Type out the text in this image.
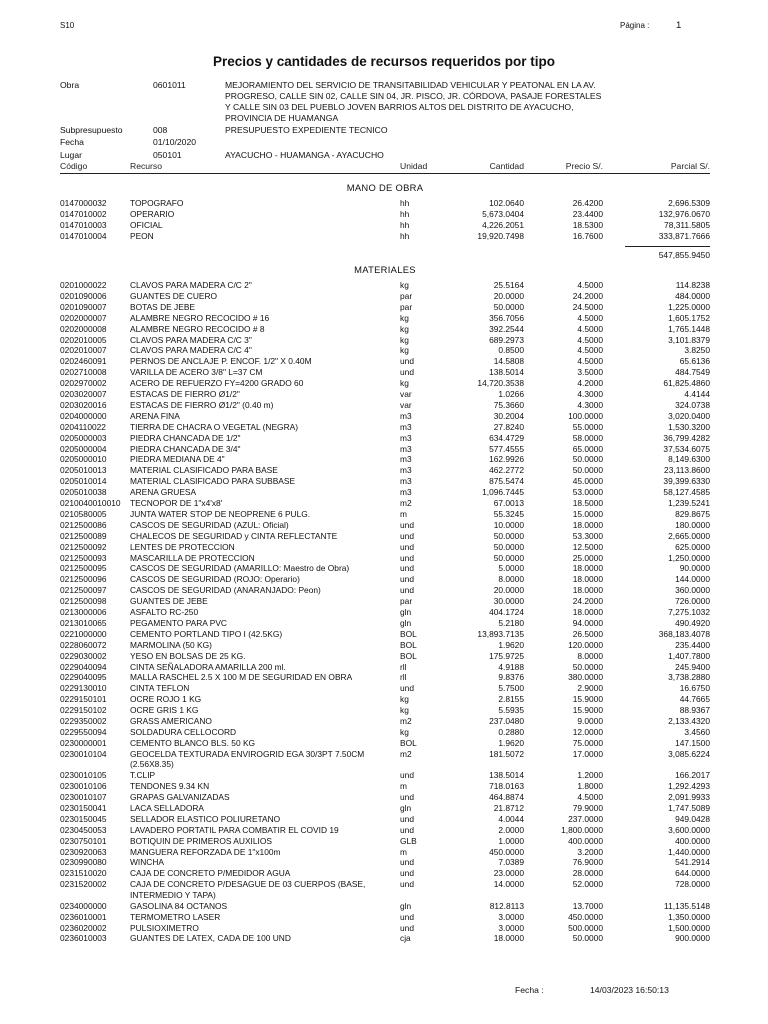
S10	Página :	1
Precios y cantidades de recursos requeridos por tipo
Obra	0601011	MEJORAMIENTO DEL SERVICIO DE TRANSITABILIDAD VEHICULAR Y PEATONAL EN LA AV. PROGRESO, CALLE SIN 02, CALLE SIN 04, JR. PISCO, JR. CÓRDOVA, PASAJE FORESTALES Y CALLE SIN 03 DEL PUEBLO JOVEN BARRIOS ALTOS DEL DISTRITO DE AYACUCHO, PROVINCIA DE HUAMANGA
Subpresupuesto	008	PRESUPUESTO EXPEDIENTE TECNICO
Fecha	01/10/2020
Lugar	050101	AYACUCHO - HUAMANGA - AYACUCHO
Código	Recurso	Unidad	Cantidad	Precio S/.	Parcial S/.
MANO DE OBRA
0147000032	TOPOGRAFO	hh	102.0640	26.4200	2,696.5309
0147010002	OPERARIO	hh	5,673.0404	23.4400	132,976.0670
0147010003	OFICIAL	hh	4,226.2051	18.5300	78,311.5805
0147010004	PEON	hh	19,920.7498	16.7600	333,871.7666
547,855.9450
MATERIALES
0201000022	CLAVOS PARA MADERA C/C 2"	kg	25.5164	4.5000	114.8238
0201090006	GUANTES DE CUERO	par	20.0000	24.2000	484.0000
0201090007	BOTAS DE JEBE	par	50.0000	24.5000	1,225.0000
0202000007	ALAMBRE NEGRO RECOCIDO # 16	kg	356.7056	4.5000	1,605.1752
0202000008	ALAMBRE NEGRO RECOCIDO # 8	kg	392.2544	4.5000	1,765.1448
0202010005	CLAVOS PARA MADERA C/C 3"	kg	689.2973	4.5000	3,101.8379
0202010007	CLAVOS PARA MADERA C/C 4"	kg	0.8500	4.5000	3.8250
0202460091	PERNOS DE ANCLAJE P. ENCOF. 1/2" X 0.40M	und	14.5808	4.5000	65.6136
0202710008	VARILLA DE ACERO 3/8" L=37 CM	und	138.5014	3.5000	484.7549
0202970002	ACERO DE REFUERZO FY=4200 GRADO 60	kg	14,720.3538	4.2000	61,825.4860
0203020007	ESTACAS DE FIERRO Ø1/2"	var	1.0266	4.3000	4.4144
0203020016	ESTACAS DE FIERRO Ø1/2" (0.40 m)	var	75.3660	4.3000	324.0738
0204000000	ARENA FINA	m3	30.2004	100.0000	3,020.0400
0204110022	TIERRA DE CHACRA O VEGETAL (NEGRA)	m3	27.8240	55.0000	1,530.3200
0205000003	PIEDRA CHANCADA DE 1/2"	m3	634.4729	58.0000	36,799.4282
0205000004	PIEDRA CHANCADA DE 3/4"	m3	577.4555	65.0000	37,534.6075
0205000010	PIEDRA MEDIANA DE 4"	m3	162.9926	50.0000	8,149.6300
0205010013	MATERIAL CLASIFICADO PARA BASE	m3	462.2772	50.0000	23,113.8600
0205010014	MATERIAL CLASIFICADO PARA SUBBASE	m3	875.5474	45.0000	39,399.6330
0205010038	ARENA GRUESA	m3	1,096.7445	53.0000	58,127.4585
0210040010010 TECNOPOR DE 1"x4'x8'	m2	67.0013	18.5000	1,239.5241
0210580005	JUNTA WATER STOP DE NEOPRENE 6 PULG.	m	55.3245	15.0000	829.8675
0212500086	CASCOS DE SEGURIDAD (AZUL: Oficial)	und	10.0000	18.0000	180.0000
0212500089	CHALECOS DE SEGURIDAD y CINTA REFLECTANTE	und	50.0000	53.3000	2,665.0000
0212500092	LENTES DE PROTECCION	und	50.0000	12.5000	625.0000
0212500093	MASCARILLA DE PROTECCION	und	50.0000	25.0000	1,250.0000
0212500095	CASCOS DE SEGURIDAD (AMARILLO: Maestro de Obra)	und	5.0000	18.0000	90.0000
0212500096	CASCOS DE SEGURIDAD (ROJO: Operario)	und	8.0000	18.0000	144.0000
0212500097	CASCOS DE SEGURIDAD (ANARANJADO: Peon)	und	20.0000	18.0000	360.0000
0212500098	GUANTES DE JEBE	par	30.0000	24.2000	726.0000
0213000006	ASFALTO RC-250	gln	404.1724	18.0000	7,275.1032
0213010065	PEGAMENTO PARA PVC	gln	5.2180	94.0000	490.4920
0221000000	CEMENTO PORTLAND TIPO I (42.5KG)	BOL	13,893.7135	26.5000	368,183.4078
0228060072	MARMOLINA (50 KG)	BOL	1.9620	120.0000	235.4400
0229030002	YESO EN BOLSAS DE 25 KG.	BOL	175.9725	8.0000	1,407.7800
0229040094	CINTA SEÑALADORA AMARILLA 200 ml.	rll	4.9188	50.0000	245.9400
0229040095	MALLA RASCHEL 2.5 X 100 M DE SEGURIDAD EN OBRA	rll	9.8376	380.0000	3,738.2880
0229130010	CINTA TEFLON	und	5.7500	2.9000	16.6750
0229150101	OCRE ROJO 1 KG	kg	2.8155	15.9000	44.7665
0229150102	OCRE GRIS 1 KG	kg	5.5935	15.9000	88.9367
0229350002	GRASS AMERICANO	m2	237.0480	9.0000	2,133.4320
0229550094	SOLDADURA CELLOCORD	kg	0.2880	12.0000	3.4560
0230000001	CEMENTO BLANCO BLS. 50 KG	BOL	1.9620	75.0000	147.1500
0230010104	GEOCELDA TEXTURADA ENVIROGRID EGA 30/3PT 7.50CM (2.56X8.35)
m2	181.5072	17.0000	3,085.6224
0230010105	T.CLIP	und	138.5014	1.2000	166.2017
0230010106	TENDONES 9.34 KN	m	718.0163	1.8000	1,292.4293
0230010107	GRAPAS GALVANIZADAS	und	464.8874	4.5000	2,091.9933
0230150041	LACA SELLADORA	gln	21.8712	79.9000	1,747.5089
0230150045	SELLADOR ELASTICO POLIURETANO	und	4.0044	237.0000	949.0428
0230450053	LAVADERO PORTATIL PARA COMBATIR EL COVID 19	und	2.0000	1,800.0000	3,600.0000
0230750101	BOTIQUIN DE PRIMEROS AUXILIOS	GLB	1.0000	400.0000	400.0000
0230920063	MANGUERA REFORZADA DE 1"x100m	m	450.0000	3.2000	1,440.0000
0230990080	WINCHA	und	7.0389	76.9000	541.2914
0231510020	CAJA DE CONCRETO P/MEDIDOR AGUA	und	23.0000	28.0000	644.0000
0231520002	CAJA DE CONCRETO P/DESAGUE DE 03 CUERPOS (BASE, INTERMEDIO Y TAPA)
und	14.0000	52.0000	728.0000
0234000000	GASOLINA 84 OCTANOS	gln	812.8113	13.7000	11,135.5148
0236010001	TERMOMETRO LASER	und	3.0000	450.0000	1,350.0000
0236020002	PULSIOXIMETRO	und	3.0000	500.0000	1,500.0000
0236010003	GUANTES DE LATEX, CADA DE 100 UND	cja	18.0000	50.0000	900.0000
Fecha :	14/03/2023 16:50:13
